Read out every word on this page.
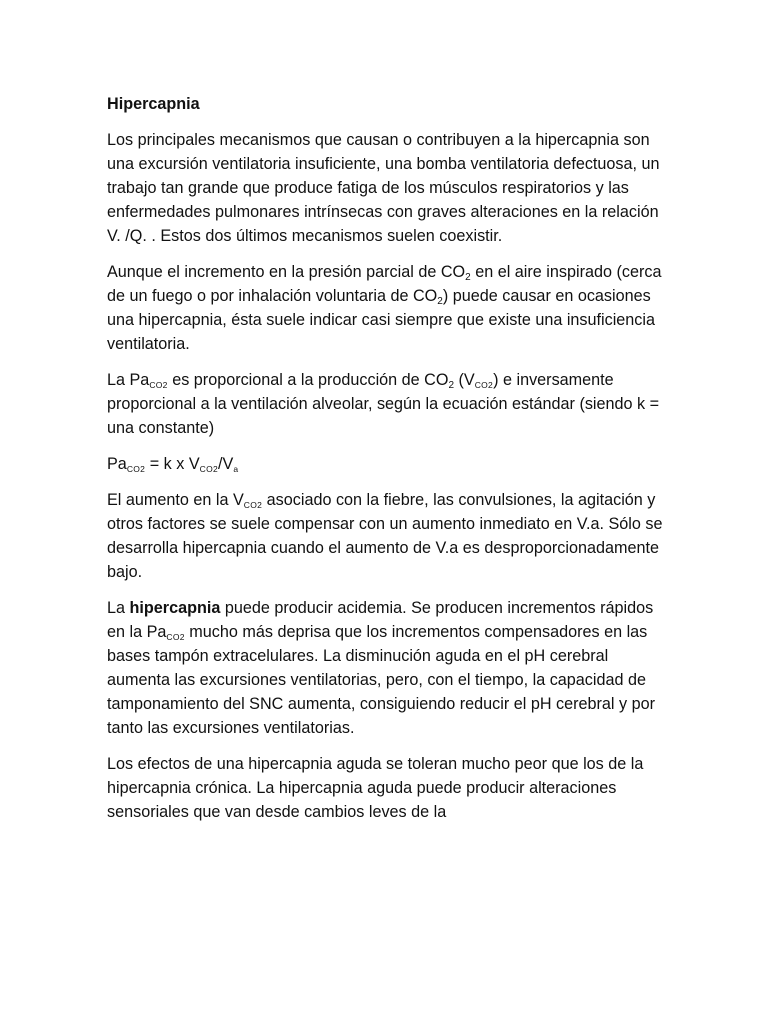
Hipercapnia

Los principales mecanismos que causan o contribuyen a la hipercapnia son una excursión ventilatoria insuficiente, una bomba ventilatoria defectuosa, un trabajo tan grande que produce fatiga de los músculos respiratorios y las enfermedades pulmonares intrínsecas con graves alteraciones en la relación V. /Q. . Estos dos últimos mecanismos suelen coexistir.

Aunque el incremento en la presión parcial de $CO_2$ en el aire inspirado (cerca de un fuego o por inhalación voluntaria de $CO_2$) puede causar en ocasiones una hipercapnia, ésta suele indicar casi siempre que existe una insuficiencia ventilatoria.

La $Pa_{CO2}$ es proporcional a la producción de $CO_2$ $(V_{CO2})$ e inversamente proporcional a la ventilación alveolar, según la ecuación estándar (siendo k = una constante)

$Pa_{CO2} = k$ x $V_{CO2}/V_a$

El aumento en la $V_{CO2}$ asociado con la fiebre, las convulsiones, la agitación y otros factores se suele compensar con un aumento inmediato en V.a. Sólo se desarrolla hipercapnia cuando el aumento de V.a es desproporcionadamente bajo.

La hipercapnia puede producir acidemia. Se producen incrementos rápidos en la $Pa_{CO2}$ mucho más deprisa que los incrementos compensadores en las bases tampón extracelulares. La disminución aguda en el pH cerebral aumenta las excursiones ventilatorias, pero, con el tiempo, la capacidad de tamponamiento del SNC aumenta, consiguiendo reducir el pH cerebral y por tanto las excursiones ventilatorias.

Los efectos de una hipercapnia aguda se toleran mucho peor que los de la hipercapnia crónica. La hipercapnia aguda puede producir alteraciones sensoriales que van desde cambios leves de la
